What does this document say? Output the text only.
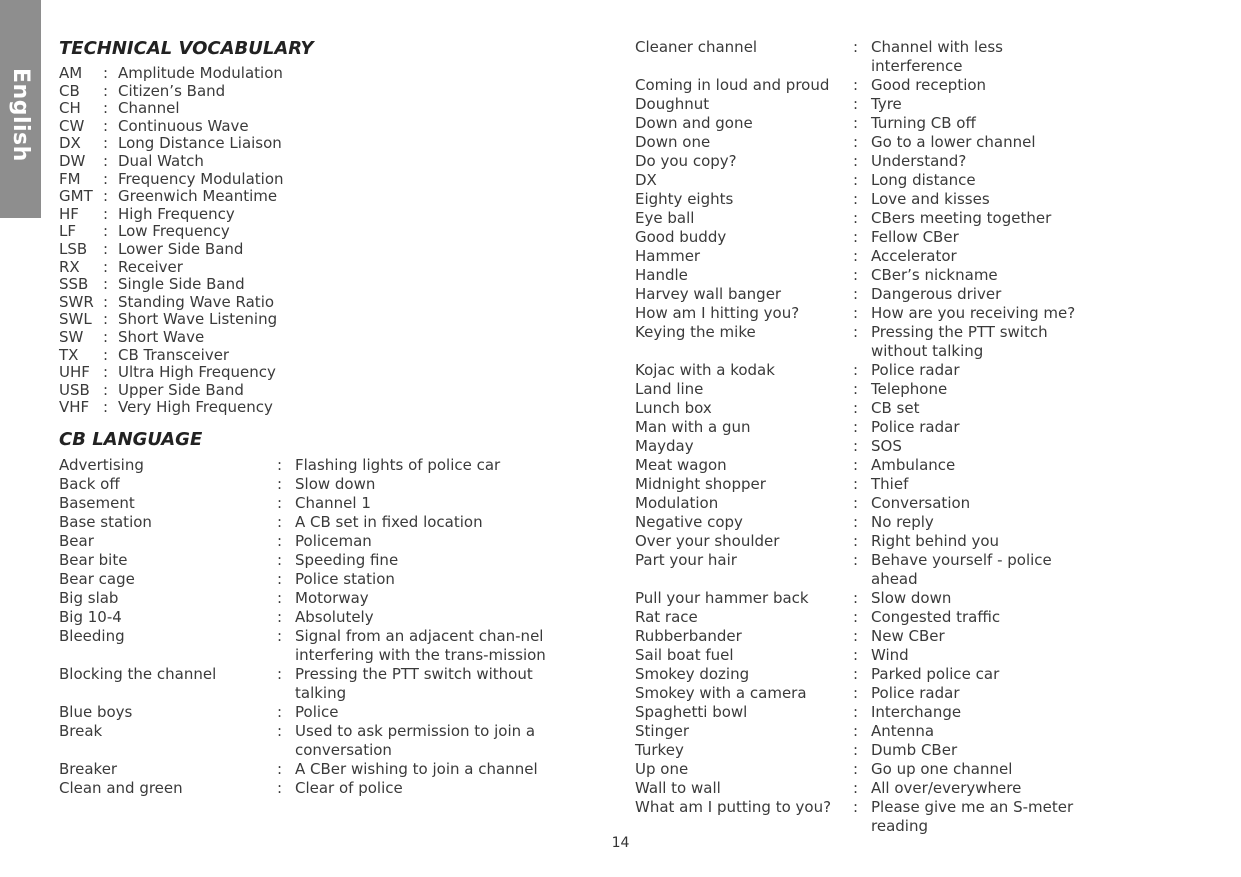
English
TECHNICAL VOCABULARY
AM	: Amplitude Modulation
CB	: Citizen’s Band
CH	: Channel
CW	: Continuous Wave
DX	: Long Distance Liaison
DW	: Dual Watch
FM	: Frequency Modulation
GMT : Greenwich Meantime
HF	: High Frequency
LF	: Low Frequency
LSB	: Lower Side Band
RX	: Receiver
SSB : Single Side Band
SWR : Standing Wave Ratio
SWL : Short Wave Listening
SW	: Short Wave
TX	: CB Transceiver
UHF : Ultra High Frequency
USB : Upper Side Band
VHF : Very High Frequency
CB LANGUAGE
Advertising	: Flashing lights of police car
Back off	: Slow down
Basement	: Channel 1
Base station	: A CB set in fixed location
Bear	: Policeman
Bear bite	: Speeding fine
Bear cage	: Police station
Big slab	: Motorway
Big 10-4	: Absolutely
Bleeding	: Signal from an adjacent chan-nel interfering with the trans-mission
Blocking the channel	: Pressing the PTT switch without talking
Blue boys	: Police
Break	: Used to ask permission to join a conversation
Breaker	: A CBer wishing to join a channel
Clean and green	: Clear of police
Cleaner channel	: Channel with less interference
Coming in loud and proud	: Good reception
Doughnut	: Tyre
Down and gone	: Turning CB off
Down one	: Go to a lower channel
Do you copy?	: Understand?
DX	: Long distance
Eighty eights	: Love and kisses
Eye ball	: CBers meeting together
Good buddy	: Fellow CBer
Hammer	: Accelerator
Handle	: CBer’s nickname
Harvey wall banger	: Dangerous driver
How am I hitting you?	: How are you receiving me?
Keying the mike	: Pressing the PTT switch without talking
Kojac with a kodak	: Police radar
Land line	: Telephone
Lunch box	: CB set
Man with a gun	: Police radar
Mayday	: SOS
Meat wagon	: Ambulance
Midnight shopper	: Thief
Modulation	: Conversation
Negative copy	: No reply
Over your shoulder	: Right behind you
Part your hair	: Behave yourself - police ahead
Pull your hammer back	: Slow down
Rat race	: Congested traffic
Rubberbander	: New CBer
Sail boat fuel	: Wind
Smokey dozing	: Parked police car
Smokey with a camera	: Police radar
Spaghetti bowl	: Interchange
Stinger	: Antenna
Turkey	: Dumb CBer
Up one	: Go up one channel
Wall to wall	: All over/everywhere
What am I putting to you?	: Please give me an S-meter reading
14
